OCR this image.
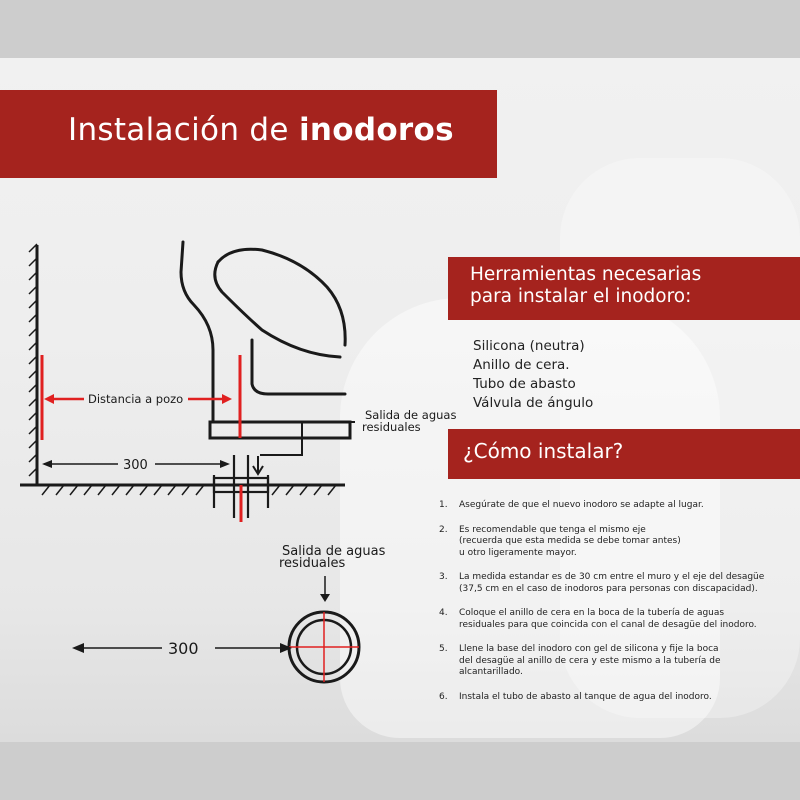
Instalación de inodoros
Distancia a pozo
Salida de aguas
residuales
300
Salida de aguas
residuales
300
Herramientas necesarias
para instalar el inodoro:
Silicona (neutra)
Anillo de cera.
Tubo de abasto
Válvula de ángulo
¿Cómo instalar?
1.	Asegúrate de que el nuevo inodoro se adapte al lugar.
2.	Es recomendable que tenga el mismo eje
(recuerda que esta medida se debe tomar antes)
u otro ligeramente mayor.
3.	La medida estandar es de 30 cm entre el muro y el eje del desagüe
(37,5 cm en el caso de inodoros para personas con discapacidad).
4.	Coloque el anillo de cera en la boca de la tubería de aguas
residuales para que coincida con el canal de desagüe del inodoro.
5.	Llene la base del inodoro con gel de silicona y fije la boca
del desagüe al anillo de cera y este mismo a la tubería de
alcantarillado.
6.	Instala el tubo de abasto al tanque de agua del inodoro.
